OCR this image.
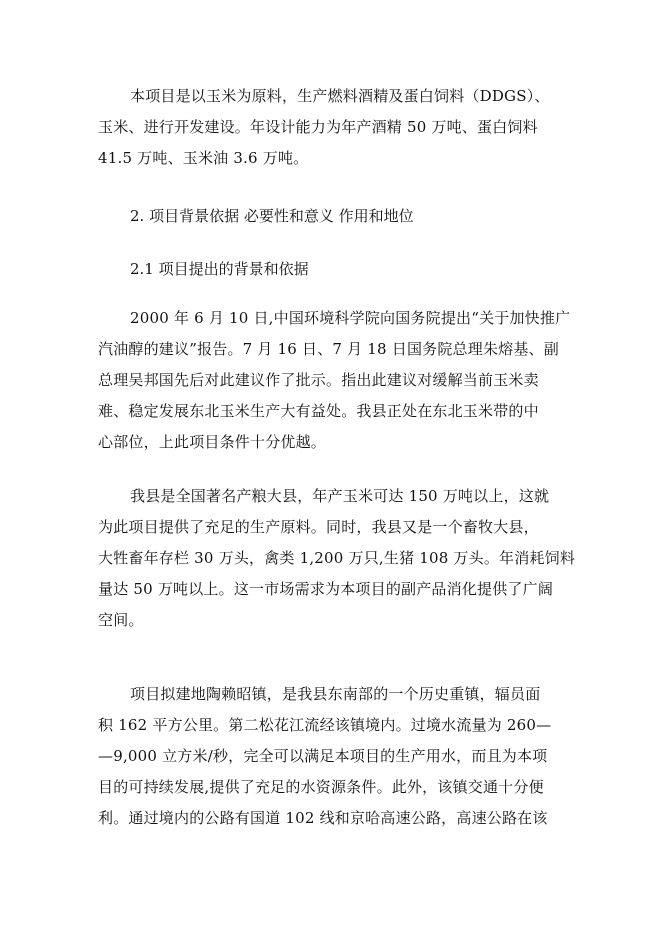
本项目是以玉米为原料，生产燃料酒精及蛋白饲料（DDGS）、
玉米、进行开发建设。年设计能力为年产酒精 50 万吨、蛋白饲料
41.5 万吨、玉米油 3.6 万吨。

2. 项目背景依据 必要性和意义 作用和地位

2.1 项目提出的背景和依据

2000 年 6 月 10 日,中国环境科学院向国务院提出“关于加快推广
汽油醇的建议”报告。7 月 16 日、7 月 18 日国务院总理朱熔基、副
总理吴邦国先后对此建议作了批示。指出此建议对缓解当前玉米卖
难、稳定发展东北玉米生产大有益处。我县正处在东北玉米带的中
心部位，上此项目条件十分优越。

我县是全国著名产粮大县，年产玉米可达 150 万吨以上，这就
为此项目提供了充足的生产原料。同时，我县又是一个畜牧大县，
大牲畜年存栏 30 万头，禽类 1,200 万只,生猪 108 万头。年消耗饲料
量达 50 万吨以上。这一市场需求为本项目的副产品消化提供了广阔
空间。

项目拟建地陶赖昭镇，是我县东南部的一个历史重镇，辐员面
积 162 平方公里。第二松花江流经该镇境内。过境水流量为 260—
—9,000 立方米/秒，完全可以满足本项目的生产用水，而且为本项
目的可持续发展,提供了充足的水资源条件。此外，该镇交通十分便
利。通过境内的公路有国道 102 线和京哈高速公路，高速公路在该
